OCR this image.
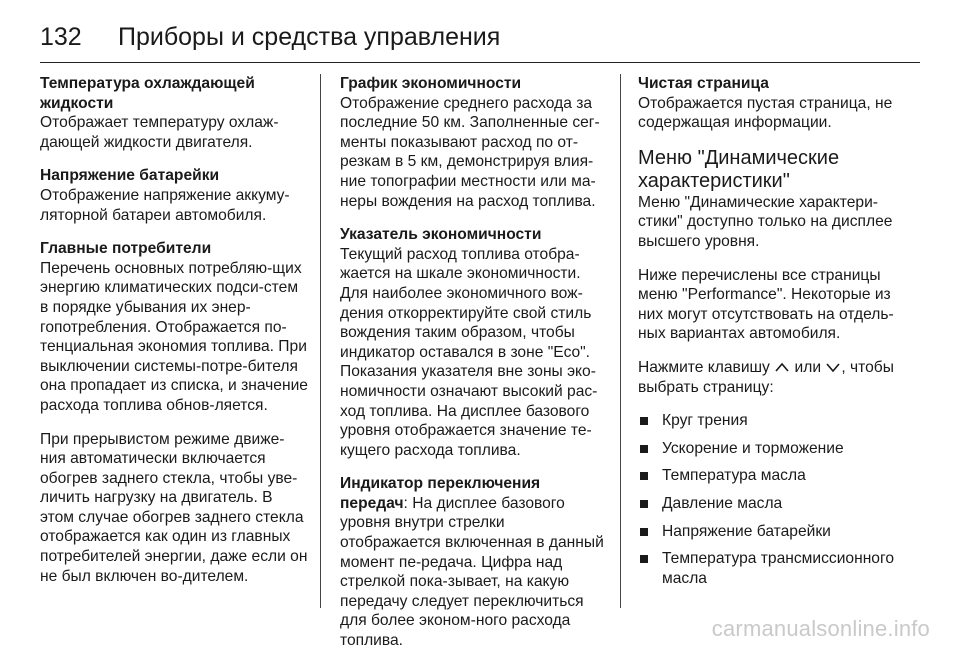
132	Приборы и средства управления
Температура охлаждающей жидкости
Отображает температуру охлаж-дающей жидкости двигателя.
Напряжение батарейки
Отображение напряжение аккуму-ляторной батареи автомобиля.
Главные потребители
Перечень основных потребляю-щих энергию климатических подси-стем в порядке убывания их энер-гопотребления. Отображается по-тенциальная экономия топлива. При выключении системы-потре-бителя она пропадает из списка, и значение расхода топлива обнов-ляется.
При прерывистом режиме движе-ния автоматически включается обогрев заднего стекла, чтобы уве-личить нагрузку на двигатель. В этом случае обогрев заднего стекла отображается как один из главных потребителей энергии, даже если он не был включен во-дителем.
График экономичности
Отображение среднего расхода за последние 50 км. Заполненные сег-менты показывают расход по от-резкам в 5 км, демонстрируя влия-ние топографии местности или ма-неры вождения на расход топлива.
Указатель экономичности
Текущий расход топлива отобра-жается на шкале экономичности. Для наиболее экономичного вож-дения откорректируйте свой стиль вождения таким образом, чтобы индикатор оставался в зоне "Eco". Показания указателя вне зоны эко-номичности означают высокий рас-ход топлива. На дисплее базового уровня отображается значение те-кущего расхода топлива.
Индикатор переключения передач: На дисплее базового уровня внутри стрелки отображается включенная в данный момент пе-редача. Цифра над стрелкой пока-зывает, на какую передачу следует переключиться для более эконом-ного расхода топлива.
Чистая страница
Отображается пустая страница, не содержащая информации.
Меню "Динамические характеристики"
Меню "Динамические характери-стики" доступно только на дисплее высшего уровня.
Ниже перечислены все страницы меню "Performance". Некоторые из них могут отсутствовать на отдель-ных вариантах автомобиля.
Нажмите клавишу  или , чтобы выбрать страницу:
Круг трения
Ускорение и торможение
Температура масла
Давление масла
Напряжение батарейки
Температура трансмиссионного масла
carmanualsonline.info
